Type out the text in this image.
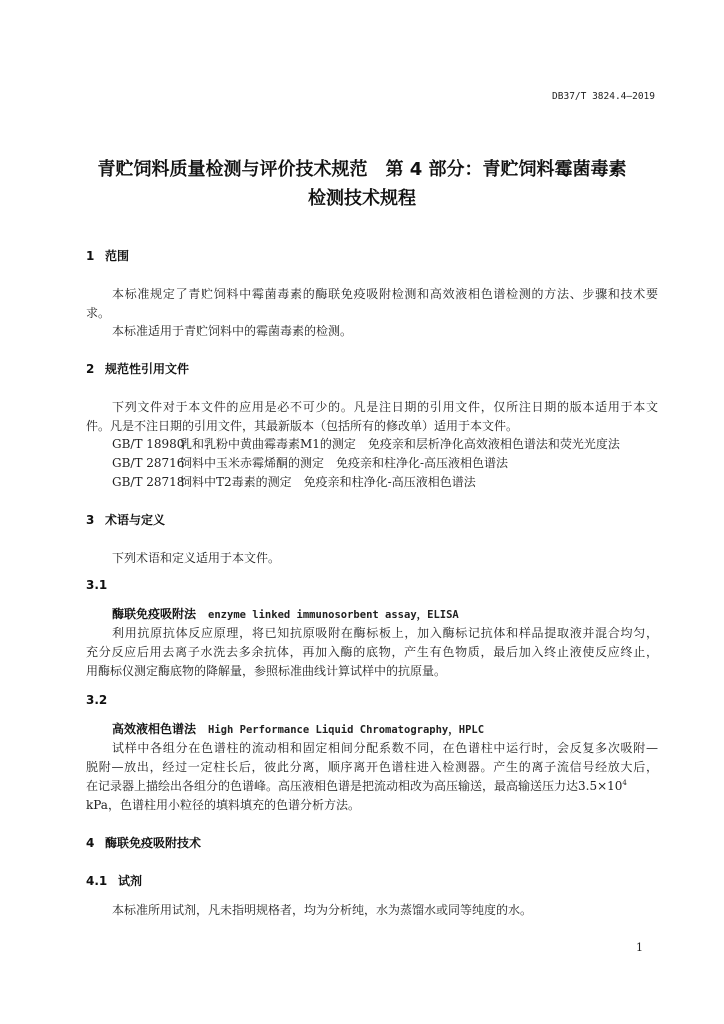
DB37/T 3824.4—2019
青贮饲料质量检测与评价技术规范　第 4 部分：青贮饲料霉菌毒素
检测技术规程
1 范围
本标准规定了青贮饲料中霉菌毒素的酶联免疫吸附检测和高效液相色谱检测的方法、步骤和技术要
求。
本标准适用于青贮饲料中的霉菌毒素的检测。
2 规范性引用文件
下列文件对于本文件的应用是必不可少的。凡是注日期的引用文件，仅所注日期的版本适用于本文
件。凡是不注日期的引用文件，其最新版本（包括所有的修改单）适用于本文件。
GB/T 18980
乳和乳粉中黄曲霉毒素M1的测定　免疫亲和层析净化高效液相色谱法和荧光光度法
GB/T 28716
饲料中玉米赤霉烯酮的测定　免疫亲和柱净化-高压液相色谱法
GB/T 28718
饲料中T2毒素的测定　免疫亲和柱净化-高压液相色谱法
3 术语与定义
下列术语和定义适用于本文件。
3.1
酶联免疫吸附法　 enzyme linked immunosorbent assay，ELISA
利用抗原抗体反应原理，将已知抗原吸附在酶标板上，加入酶标记抗体和样品提取液并混合均匀，
充分反应后用去离子水洗去多余抗体，再加入酶的底物，产生有色物质，最后加入终止液使反应终止，
用酶标仪测定酶底物的降解量，参照标准曲线计算试样中的抗原量。
3.2
高效液相色谱法　 High Performance Liquid Chromatography，HPLC
试样中各组分在色谱柱的流动相和固定相间分配系数不同，在色谱柱中运行时，会反复多次吸附—
脱附—放出，经过一定柱长后，彼此分离，顺序离开色谱柱进入检测器。产生的离子流信号经放大后，
在记录器上描绘出各组分的色谱峰。高压液相色谱是把流动相改为高压输送，最高输送压力达$3.5\times 10^4$
kPa，色谱柱用小粒径的填料填充的色谱分析方法。
4 酶联免疫吸附技术
4.1 试剂
本标准所用试剂，凡未指明规格者，均为分析纯，水为蒸馏水或同等纯度的水。
1
